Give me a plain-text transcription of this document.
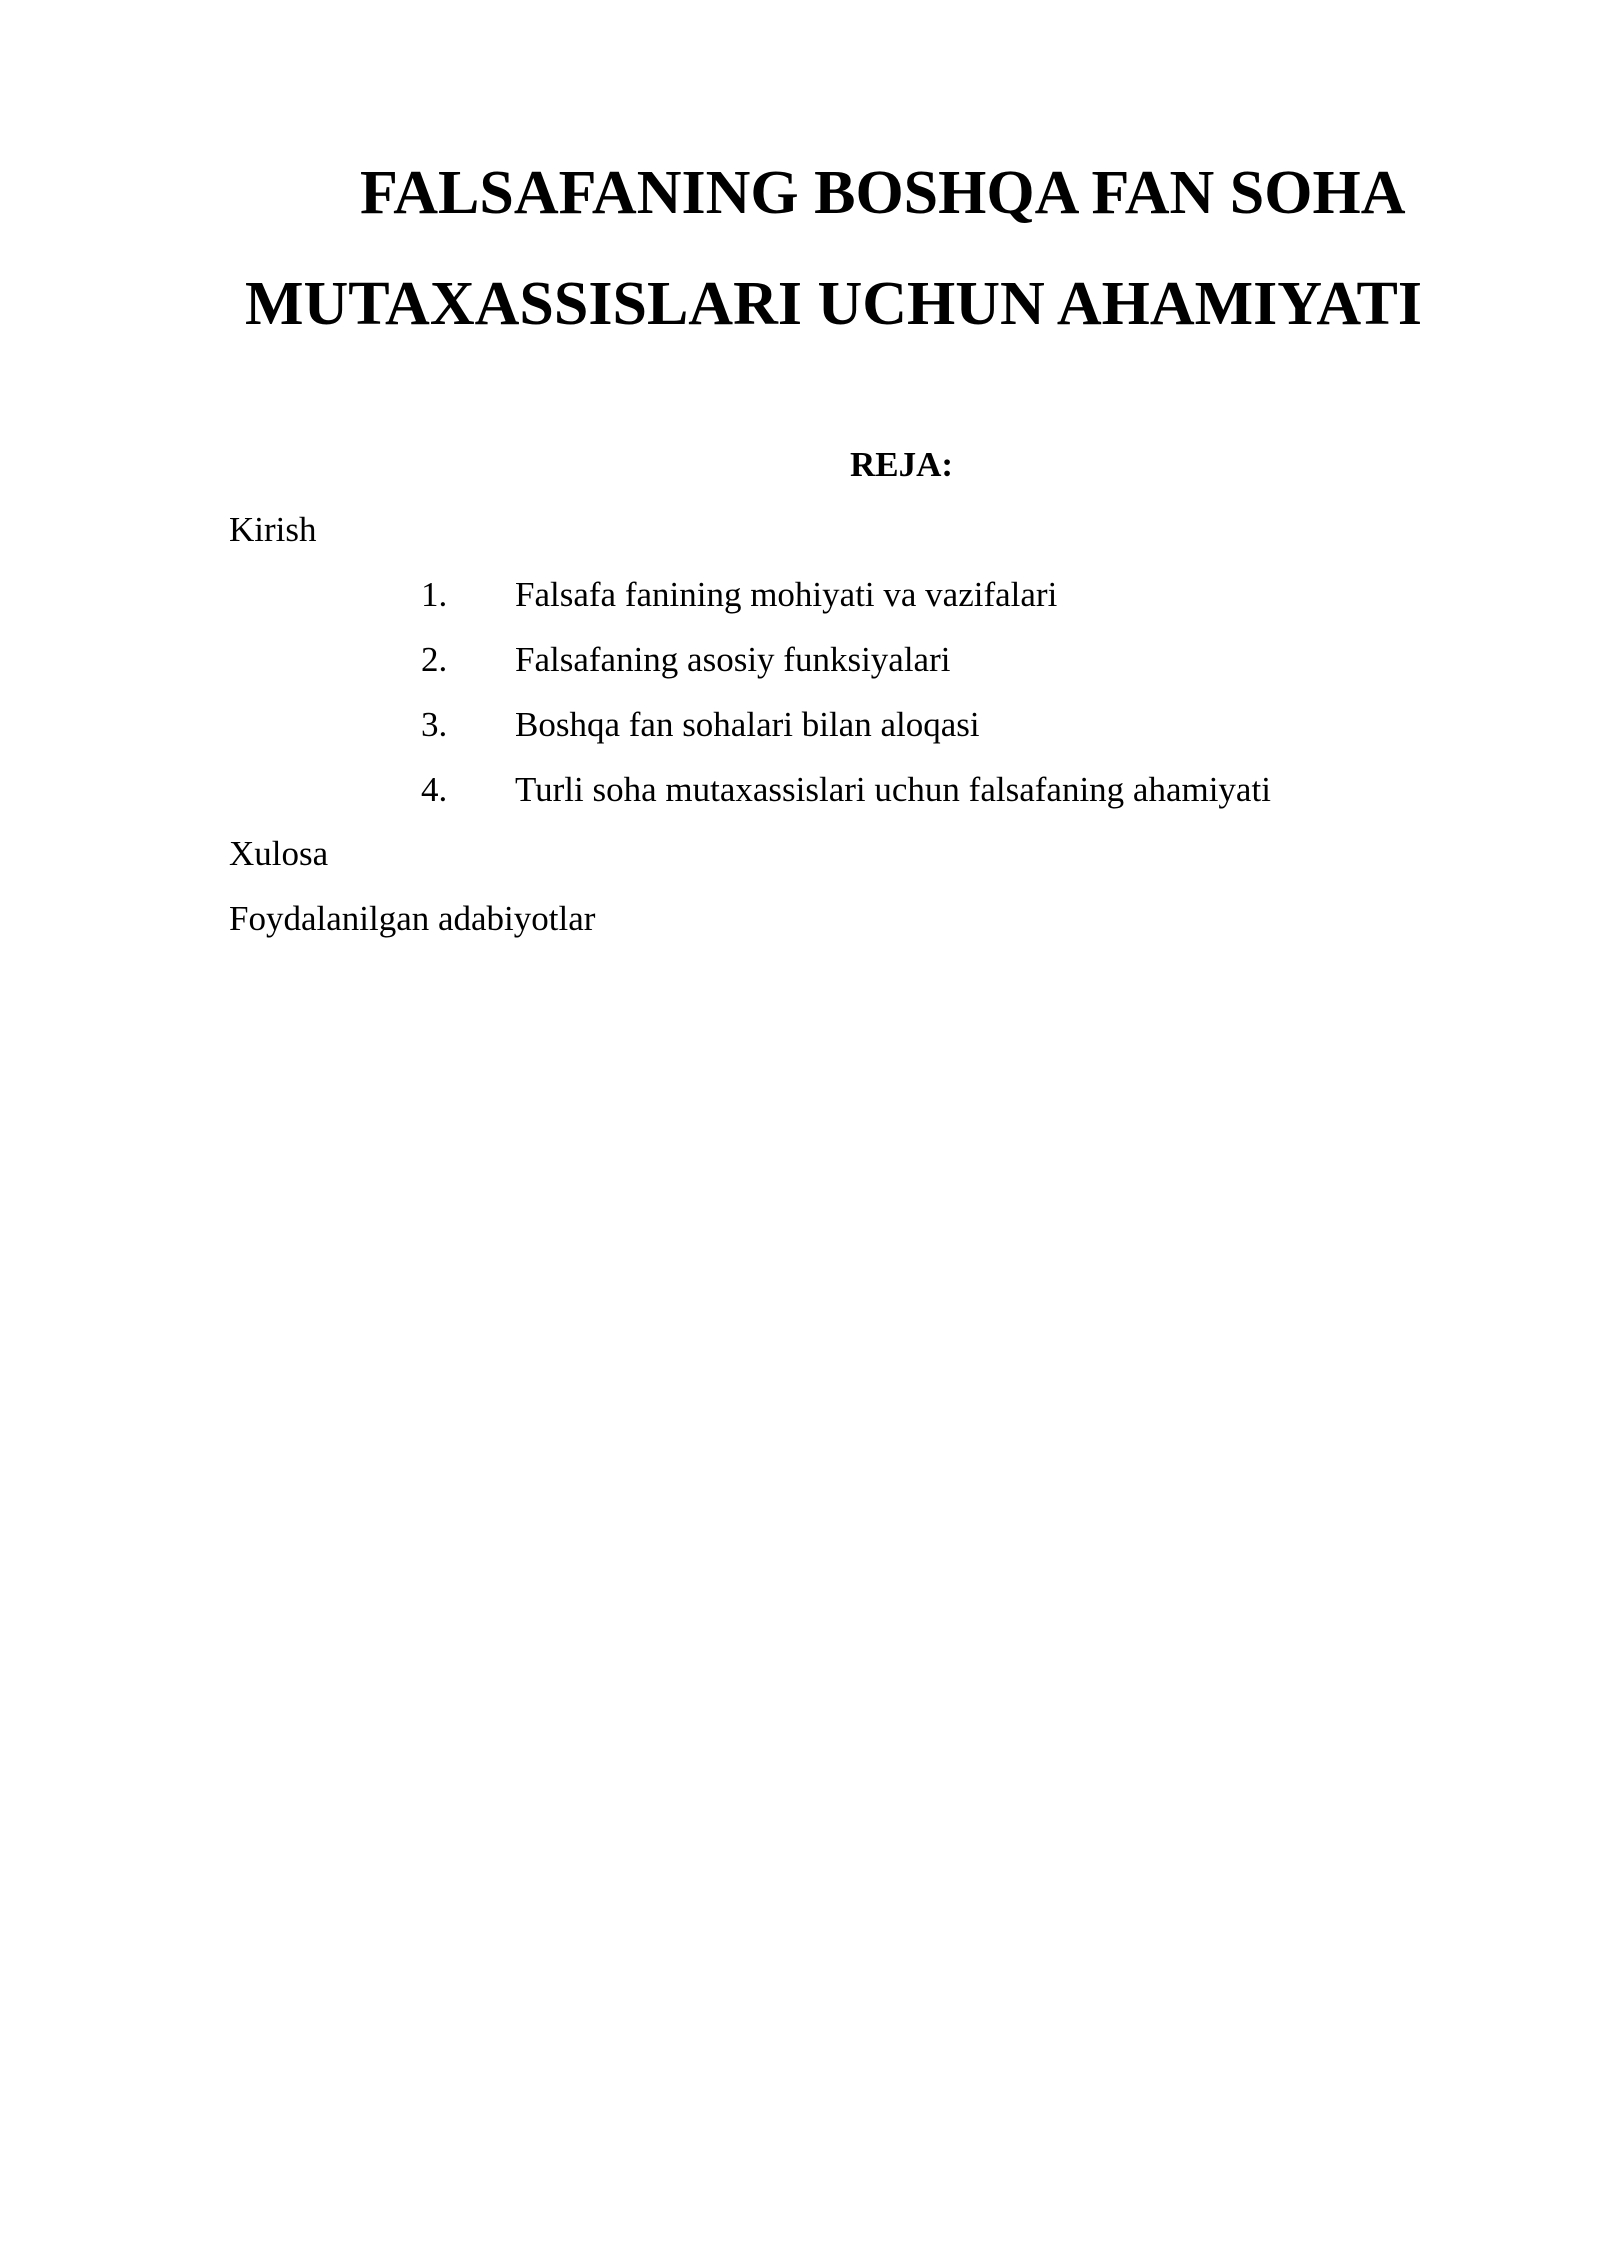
FALSAFANING BOSHQA FAN SOHA
MUTAXASSISLARI UCHUN AHAMIYATI
REJA:

Kirish

1. Falsafa fanining mohiyati va vazifalari
2. Falsafaning asosiy funksiyalari
3. Boshqa fan sohalari bilan aloqasi
4. Turli soha mutaxassislari uchun falsafaning ahamiyati

Xulosa

Foydalanilgan adabiyotlar
